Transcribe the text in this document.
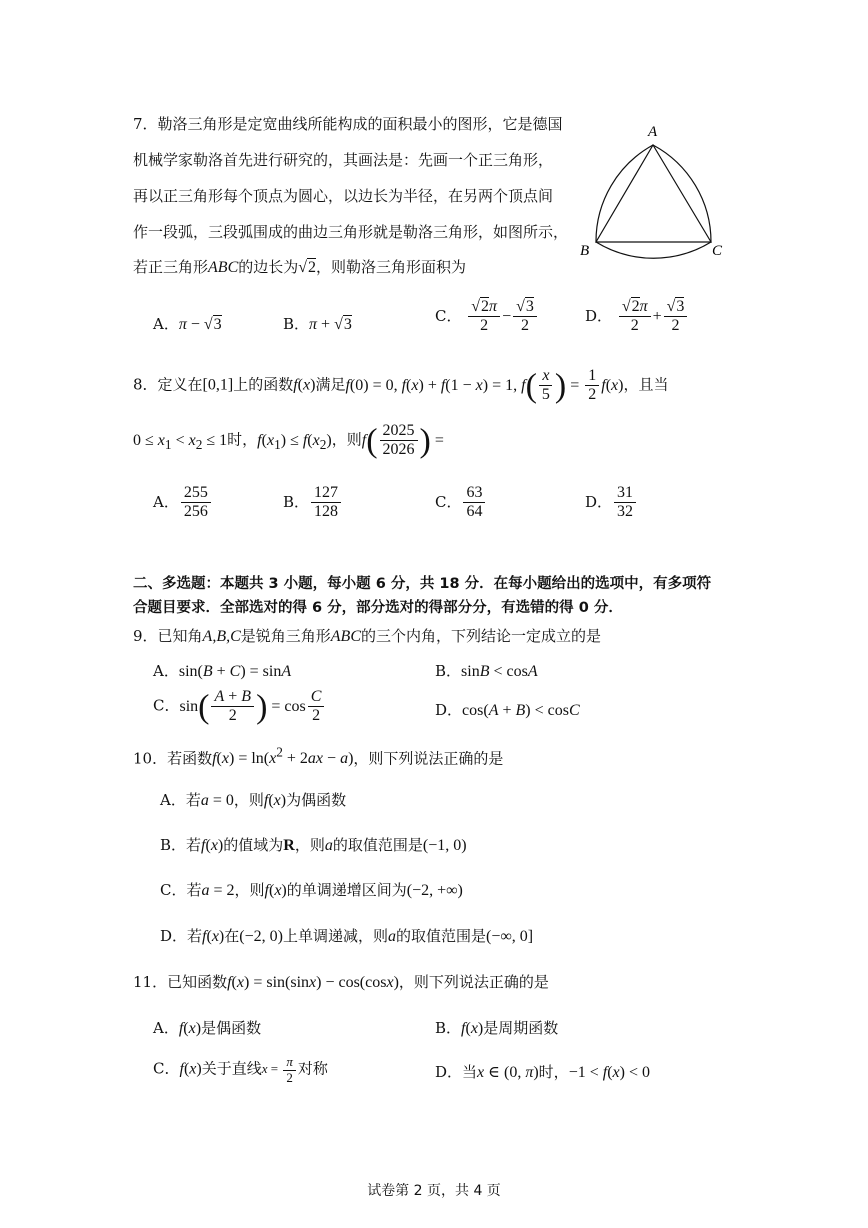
7．勒洛三角形是定宽曲线所能构成的面积最小的图形，它是德国
机械学家勒洛首先进行研究的，其画法是：先画一个正三角形，
再以正三角形每个顶点为圆心，以边长为半径，在另两个顶点间
作一段弧，三段弧围成的曲边三角形就是勒洛三角形，如图所示，
若正三角形ABC的边长为√2，则勒洛三角形面积为
A
B	C
A．π − √3	B．π + √3	C． $\frac{√2\pi}{2} - \frac{√3}{2}$	D． $\frac{√2\pi}{2} + \frac{√3}{2}$
8．定义在[0,1]上的函数f(x)满足f(0) = 0, f(x) + f(1 − x) = 1, $f( \frac{x}{5}$ ) = $\frac{1}{2} f(x)$，且当
$0 \le x_1 < x_2 \le 1$时，$f(x_1) \le f(x_2)$，则$f( \frac{2025}{2026}$ ) =
A． $\frac{255}{256}$	B． $\frac{127}{128}$	C． $\frac{63}{64}$	D． $\frac{31}{32}$
二、多选题：本题共 3 小题，每小题 6 分，共 18 分．在每小题给出的选项中，有多项符
合题目要求．全部选对的得 6 分，部分选对的得部分分，有选错的得 0 分．
9．已知角A,B,C是锐角三角形ABC的三个内角，下列结论一定成立的是
A．sin(B + C) = sinA	B．sinB < cosA
C．$\sin( \frac{A + B}{2}$ ) = $\cos \frac{C}{2}$	D．cos(A + B) < cosC
10．若函数$f(x) = \ln(x^2 + 2ax - a)$，则下列说法正确的是
A．若a = 0，则f(x)为偶函数
B．若f(x)的值域为R，则a的取值范围是(−1, 0)
C．若a = 2，则f(x)的单调递增区间为(−2, +∞)
D．若f(x)在(−2, 0)上单调递减，则a的取值范围是(−∞, 0]
11．已知函数f(x) = sin(sinx) − cos(cosx)，则下列说法正确的是
A．f(x)是偶函数	B．f(x)是周期函数
C．f(x)关于直线$x = \frac{\pi}{2}$ 对称	D．当x ∈ (0, π)时，−1 < f(x) < 0
试卷第 2 页，共 4 页
